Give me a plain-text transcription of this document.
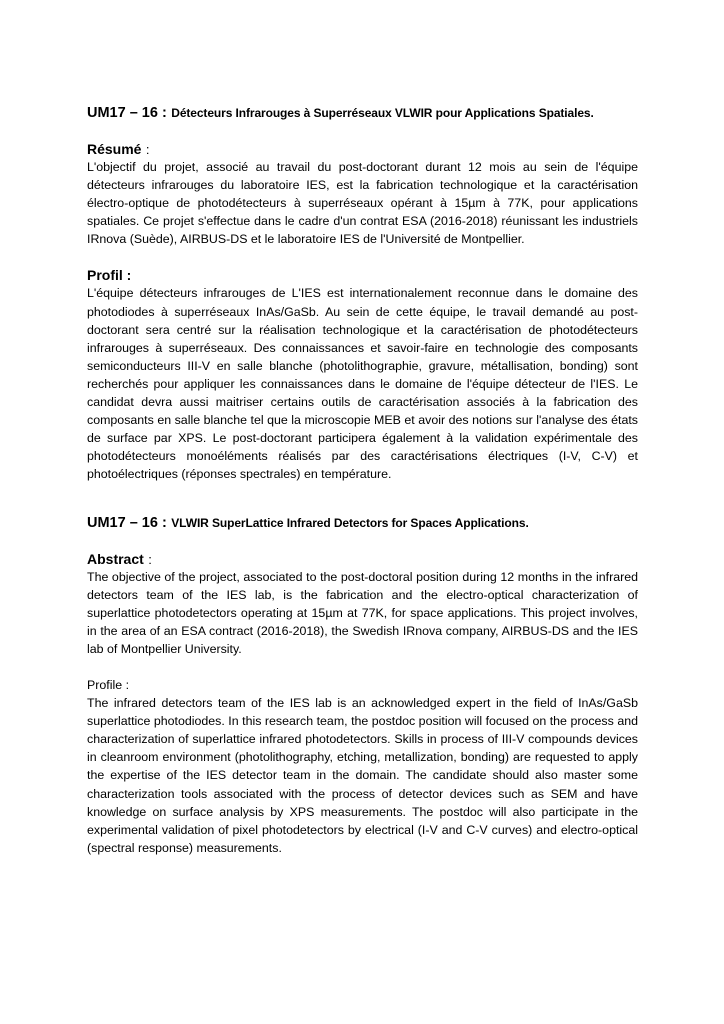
UM17 – 16 : Détecteurs Infrarouges à Superréseaux VLWIR pour Applications Spatiales.
Résumé :

L'objectif du projet, associé au travail du post-doctorant durant 12 mois au sein de l'équipe détecteurs infrarouges du laboratoire IES, est la fabrication technologique et la caractérisation électro-optique de photodétecteurs à superréseaux opérant à 15µm à 77K, pour applications spatiales. Ce projet s'effectue dans le cadre d'un contrat ESA (2016-2018) réunissant les industriels IRnova (Suède), AIRBUS-DS et le laboratoire IES de l'Université de Montpellier.

Profil :

L'équipe détecteurs infrarouges de L'IES est internationalement reconnue dans le domaine des photodiodes à superréseaux InAs/GaSb. Au sein de cette équipe, le travail demandé au post-doctorant sera centré sur la réalisation technologique et la caractérisation de photodétecteurs infrarouges à superréseaux. Des connaissances et savoir-faire en technologie des composants semiconducteurs III-V en salle blanche (photolithographie, gravure, métallisation, bonding) sont recherchés pour appliquer les connaissances dans le domaine de l'équipe détecteur de l'IES. Le candidat devra aussi maitriser certains outils de caractérisation associés à la fabrication des composants en salle blanche tel que la microscopie MEB et avoir des notions sur l'analyse des états de surface par XPS. Le post-doctorant participera également à la validation expérimentale des photodétecteurs monoéléments réalisés par des caractérisations électriques (I-V, C-V) et photoélectriques (réponses spectrales) en température.

UM17 – 16 : VLWIR SuperLattice Infrared Detectors for Spaces Applications.
Abstract :

The objective of the project, associated to the post-doctoral position during 12 months in the infrared detectors team of the IES lab, is the fabrication and the electro-optical characterization of superlattice photodetectors operating at 15µm at 77K, for space applications. This project involves, in the area of an ESA contract (2016-2018), the Swedish IRnova company, AIRBUS-DS and the IES lab of Montpellier University.

Profile :

The infrared detectors team of the IES lab is an acknowledged expert in the field of InAs/GaSb superlattice photodiodes. In this research team, the postdoc position will focused on the process and characterization of superlattice infrared photodetectors. Skills in process of III-V compounds devices in cleanroom environment (photolithography, etching, metallization, bonding) are requested to apply the expertise of the IES detector team in the domain. The candidate should also master some characterization tools associated with the process of detector devices such as SEM and have knowledge on surface analysis by XPS measurements. The postdoc will also participate in the experimental validation of pixel photodetectors by electrical (I-V and C-V curves) and electro-optical (spectral response) measurements.
